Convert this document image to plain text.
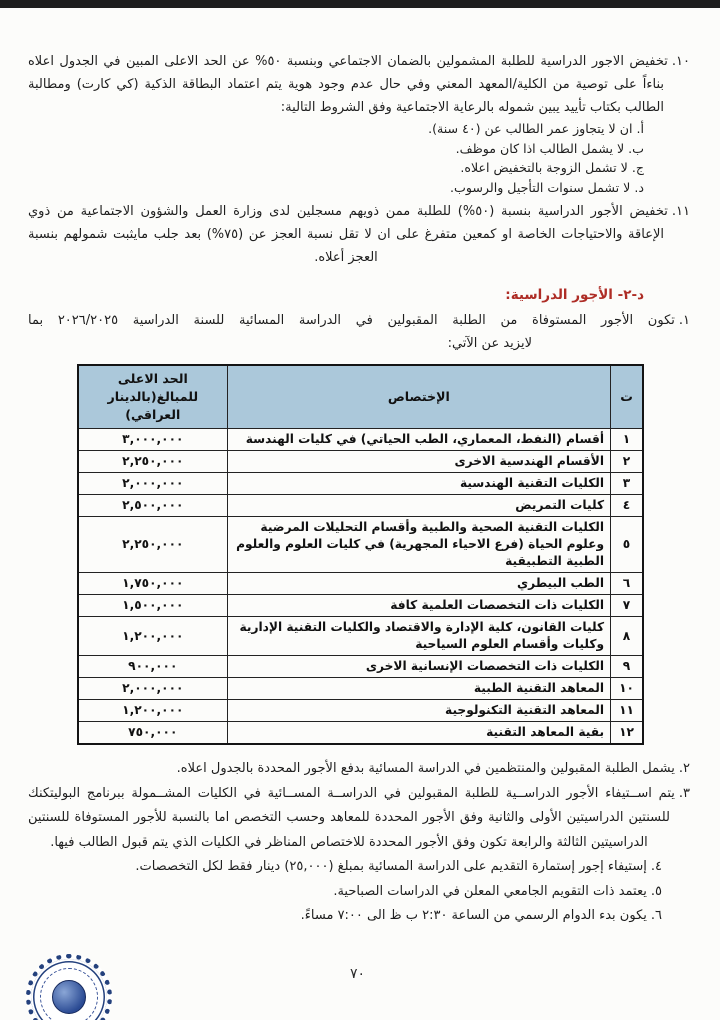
١٠.تخفيض الاجور الدراسية للطلبة المشمولين بالضمان الاجتماعي وبنسبة ٥٠% عن الحد الاعلى المبين في الجدول اعلاه بناءاً على توصية من الكلية/المعهد المعني وفي حال عدم وجود هوية يتم اعتماد البطاقة الذكية (كي كارت) ومطالبة الطالب بكتاب تأييد يبين شموله بالرعاية الاجتماعية وفق الشروط التالية:

أ.ان لا يتجاوز عمر الطالب عن (٤٠ سنة).

ب.لا يشمل الطالب اذا كان موظف.

ج.لا تشمل الزوجة بالتخفيض اعلاه.

د.لا تشمل سنوات التأجيل والرسوب.

١١.تخفيض الأجور الدراسية بنسبة (٥٠%) للطلبة ممن ذويهم مسجلين لدى وزارة العمل والشؤون الاجتماعية من ذوي الإعاقة والاحتياجات الخاصة او كمعين متفرغ على ان لا تقل نسبة العجز عن (٧٥%) بعد جلب مايثبت شمولهم بنسبة العجز أعلاه.

د-٢- الأجور الدراسية:

١.تكون الأجور المستوفاة من الطلبة المقبولين في الدراسة المسائية للسنة الدراسية ٢٠٢٦/٢٠٢٥ بما

لايزيد عن الآتي:

ت	الإختصاص	الحد الاعلى
للمبالغ(بالدينار العراقي)
١	أقسام (النفط، المعماري، الطب الحياتي) في كليات الهندسة	٣,٠٠٠,٠٠٠
٢	الأقسام الهندسية الاخرى	٢,٢٥٠,٠٠٠
٣	الكليات التقنية الهندسية	٢,٠٠٠,٠٠٠
٤	كليات التمريض	٢,٥٠٠,٠٠٠
٥	الكليات التقنية الصحية والطبية وأقسام التحليلات المرضية وعلوم الحياة (فرع الاحياء المجهرية) في كليات العلوم والعلوم الطبية التطبيقية	٢,٢٥٠,٠٠٠
٦	الطب البيطري	١,٧٥٠,٠٠٠
٧	الكليات ذات التخصصات العلمية كافة	١,٥٠٠,٠٠٠
٨	كليات القانون، كلية الإدارة والاقتصاد والكليات التقنية الإدارية وكليات وأقسام العلوم السياحية	١,٢٠٠,٠٠٠
٩	الكليات ذات التخصصات الإنسانية الاخرى	٩٠٠,٠٠٠
١٠	المعاهد التقنية الطبية	٢,٠٠٠,٠٠٠
١١	المعاهد التقنية التكنولوجية	١,٢٠٠,٠٠٠
١٢	بقية المعاهد التقنية	٧٥٠,٠٠٠

٢.يشمل الطلبة المقبولين والمنتظمين في الدراسة المسائية بدفع الأجور المحددة بالجدول اعلاه.

٣.يتم اســتيفاء الأجور الدراســية للطلبة المقبولين في الدراســة المســائية في الكليات المشــمولة ببرنامج البوليتكنك للسنتين الدراسيتين الأولى والثانية وفق الأجور المحددة للمعاهد وحسب التخصص اما بالنسبة للأجور المستوفاة للسنتين الدراسيتين الثالثة والرابعة تكون وفق الأجور المحددة للاختصاص المناظر في الكليات الذي يتم قبول الطالب فيها.

٤.إستيفاء إجور إستمارة التقديم على الدراسة المسائية بمبلغ (٢٥,٠٠٠) دينار فقط لكل التخصصات.

٥.يعتمد ذات التقويم الجامعي المعلن في الدراسات الصباحية.

٦.يكون بدء الدوام الرسمي من الساعة ٢:٣٠ ب ظ الى ٧:٠٠ مساءً.

٧٠
